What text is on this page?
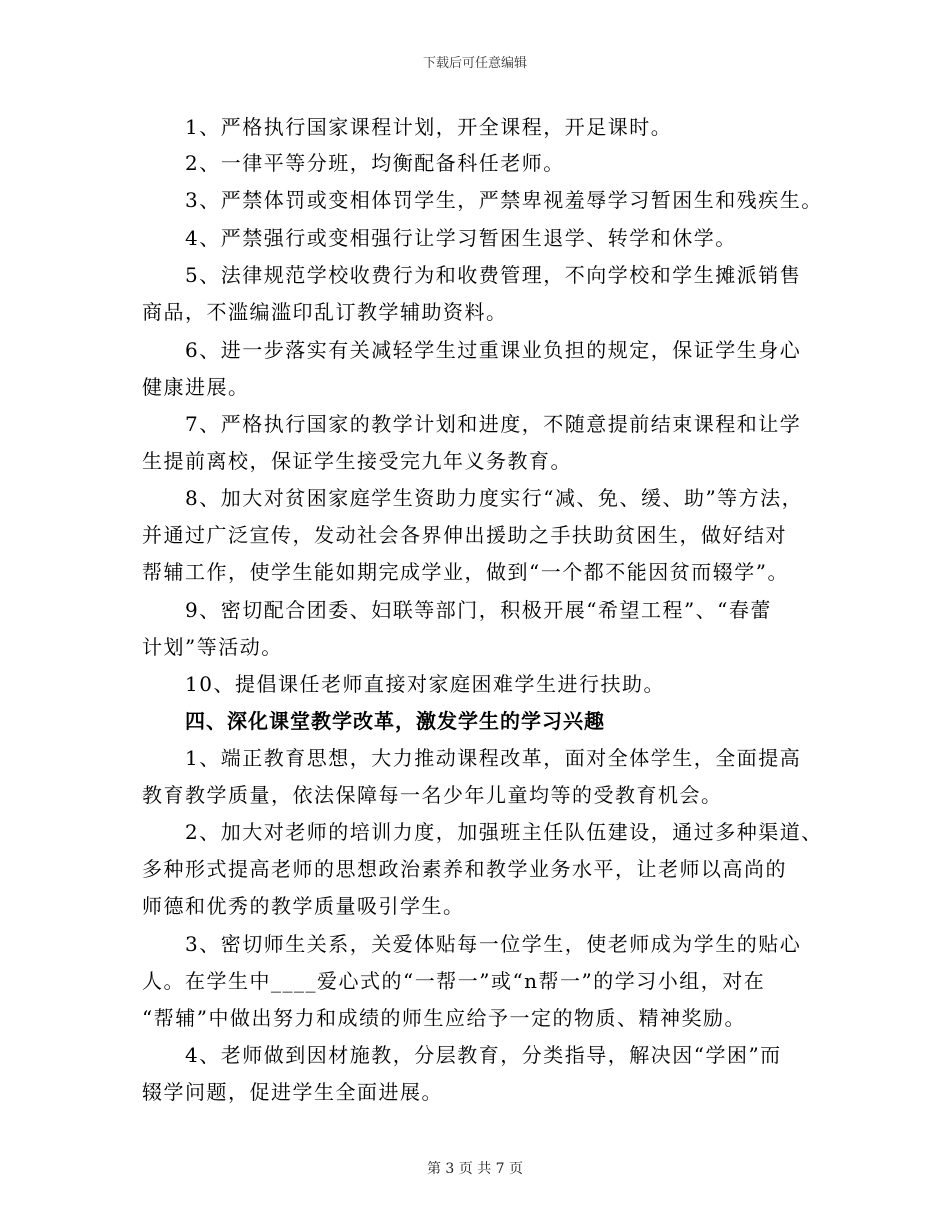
下载后可任意编辑
1、严格执行国家课程计划，开全课程，开足课时。
2、一律平等分班，均衡配备科任老师。
3、严禁体罚或变相体罚学生，严禁卑视羞辱学习暂困生和残疾生。
4、严禁强行或变相强行让学习暂困生退学、转学和休学。
5、法律规范学校收费行为和收费管理，不向学校和学生摊派销售
商品，不滥编滥印乱订教学辅助资料。
6、进一步落实有关减轻学生过重课业负担的规定，保证学生身心
健康进展。
7、严格执行国家的教学计划和进度，不随意提前结束课程和让学
生提前离校，保证学生接受完九年义务教育。
8、加大对贫困家庭学生资助力度实行“减、免、缓、助”等方法，
并通过广泛宣传，发动社会各界伸出援助之手扶助贫困生，做好结对
帮辅工作，使学生能如期完成学业，做到“一个都不能因贫而辍学”。
9、密切配合团委、妇联等部门，积极开展“希望工程”、“春蕾
计划”等活动。
10、提倡课任老师直接对家庭困难学生进行扶助。
四、深化课堂教学改革，激发学生的学习兴趣
1、端正教育思想，大力推动课程改革，面对全体学生，全面提高
教育教学质量，依法保障每一名少年儿童均等的受教育机会。
2、加大对老师的培训力度，加强班主任队伍建设，通过多种渠道、
多种形式提高老师的思想政治素养和教学业务水平，让老师以高尚的
师德和优秀的教学质量吸引学生。
3、密切师生关系，关爱体贴每一位学生，使老师成为学生的贴心
人。在学生中____爱心式的“一帮一”或“n帮一”的学习小组，对在
“帮辅”中做出努力和成绩的师生应给予一定的物质、精神奖励。
4、老师做到因材施教，分层教育，分类指导，解决因“学困”而
辍学问题，促进学生全面进展。
第 3 页 共 7 页
